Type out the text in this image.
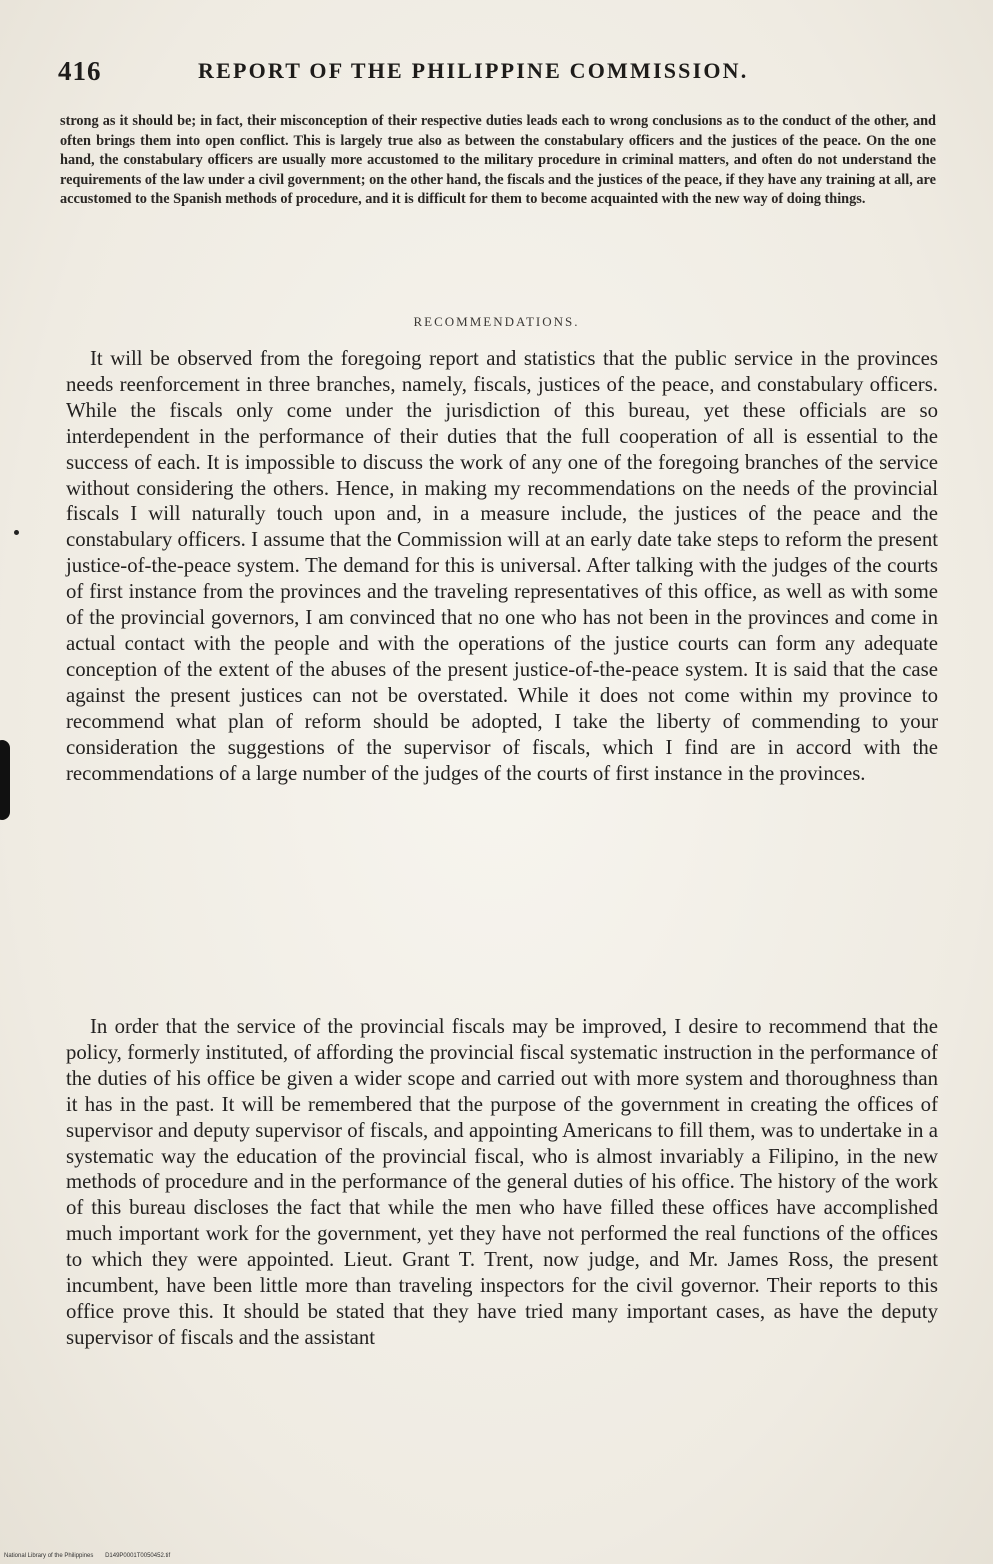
416	REPORT OF THE PHILIPPINE COMMISSION.

strong as it should be; in fact, their misconception of their respective duties leads each to wrong conclusions as to the conduct of the other, and often brings them into open conflict. This is largely true also as between the constabulary officers and the justices of the peace. On the one hand, the constabulary officers are usually more accustomed to the military procedure in criminal matters, and often do not understand the requirements of the law under a civil government; on the other hand, the fiscals and the justices of the peace, if they have any training at all, are accustomed to the Spanish methods of procedure, and it is difficult for them to become acquainted with the new way of doing things.

RECOMMENDATIONS.

It will be observed from the foregoing report and statistics that the public service in the provinces needs reenforcement in three branches, namely, fiscals, justices of the peace, and constabulary officers. While the fiscals only come under the jurisdiction of this bureau, yet these officials are so interdependent in the performance of their duties that the full cooperation of all is essential to the success of each. It is impossible to discuss the work of any one of the foregoing branches of the service without considering the others. Hence, in making my recommendations on the needs of the provincial fiscals I will naturally touch upon and, in a measure include, the justices of the peace and the constabulary officers. I assume that the Commission will at an early date take steps to reform the present justice-of-the-peace system. The demand for this is universal. After talking with the judges of the courts of first instance from the provinces and the traveling representatives of this office, as well as with some of the provincial governors, I am convinced that no one who has not been in the provinces and come in actual contact with the people and with the operations of the justice courts can form any adequate conception of the extent of the abuses of the present justice-of-the-peace system. It is said that the case against the present justices can not be overstated. While it does not come within my province to recommend what plan of reform should be adopted, I take the liberty of commending to your consideration the suggestions of the supervisor of fiscals, which I find are in accord with the recommendations of a large number of the judges of the courts of first instance in the provinces.

In order that the service of the provincial fiscals may be improved, I desire to recommend that the policy, formerly instituted, of affording the provincial fiscal systematic instruction in the performance of the duties of his office be given a wider scope and carried out with more system and thoroughness than it has in the past. It will be remembered that the purpose of the government in creating the offices of supervisor and deputy supervisor of fiscals, and appointing Americans to fill them, was to undertake in a systematic way the education of the provincial fiscal, who is almost invariably a Filipino, in the new methods of procedure and in the performance of the general duties of his office. The history of the work of this bureau discloses the fact that while the men who have filled these offices have accomplished much important work for the government, yet they have not performed the real functions of the offices to which they were appointed. Lieut. Grant T. Trent, now judge, and Mr. James Ross, the present incumbent, have been little more than traveling inspectors for the civil governor. Their reports to this office prove this. It should be stated that they have tried many important cases, as have the deputy supervisor of fiscals and the assistant

National Library of the Philippines D149P0001T0050452.tif
